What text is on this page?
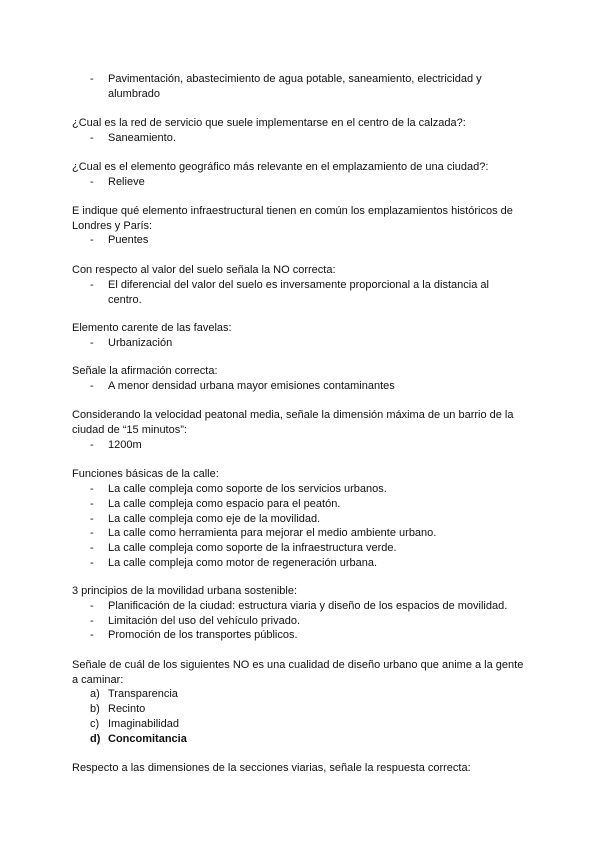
-	Pavimentación, abastecimiento de agua potable, saneamiento, electricidad y alumbrado

¿Cual es la red de servicio que suele implementarse en el centro de la calzada?:

-	Saneamiento.

¿Cual es el elemento geográfico más relevante en el emplazamiento de una ciudad?:

-	Relieve

E indique qué elemento infraestructural tienen en común los emplazamientos históricos de Londres y París:

-	Puentes

Con respecto al valor del suelo señala la NO correcta:

-	El diferencial del valor del suelo es inversamente proporcional a la distancia al centro.

Elemento carente de las favelas:

-	Urbanización

Señale la afirmación correcta:

-	A menor densidad urbana mayor emisiones contaminantes

Considerando la velocidad peatonal media, señale la dimensión máxima de un barrio de la ciudad de “15 minutos”:

-	1200m

Funciones básicas de la calle:

-	La calle compleja como soporte de los servicios urbanos.
-	La calle compleja como espacio para el peatón.
-	La calle compleja como eje de la movilidad.
-	La calle como herramienta para mejorar el medio ambiente urbano.
-	La calle compleja como soporte de la infraestructura verde.
-	La calle compleja como motor de regeneración urbana.

3 principios de la movilidad urbana sostenible:

-	Planificación de la ciudad: estructura viaria y diseño de los espacios de movilidad.
-	Limitación del uso del vehículo privado.
-	Promoción de los transportes públicos.

Señale de cuál de los siguientes NO es una cualidad de diseño urbano que anime a la gente a caminar:

a) Transparencia
b) Recinto
c) Imaginabilidad
d) Concomitancia

Respecto a las dimensiones de la secciones viarias, señale la respuesta correcta:
